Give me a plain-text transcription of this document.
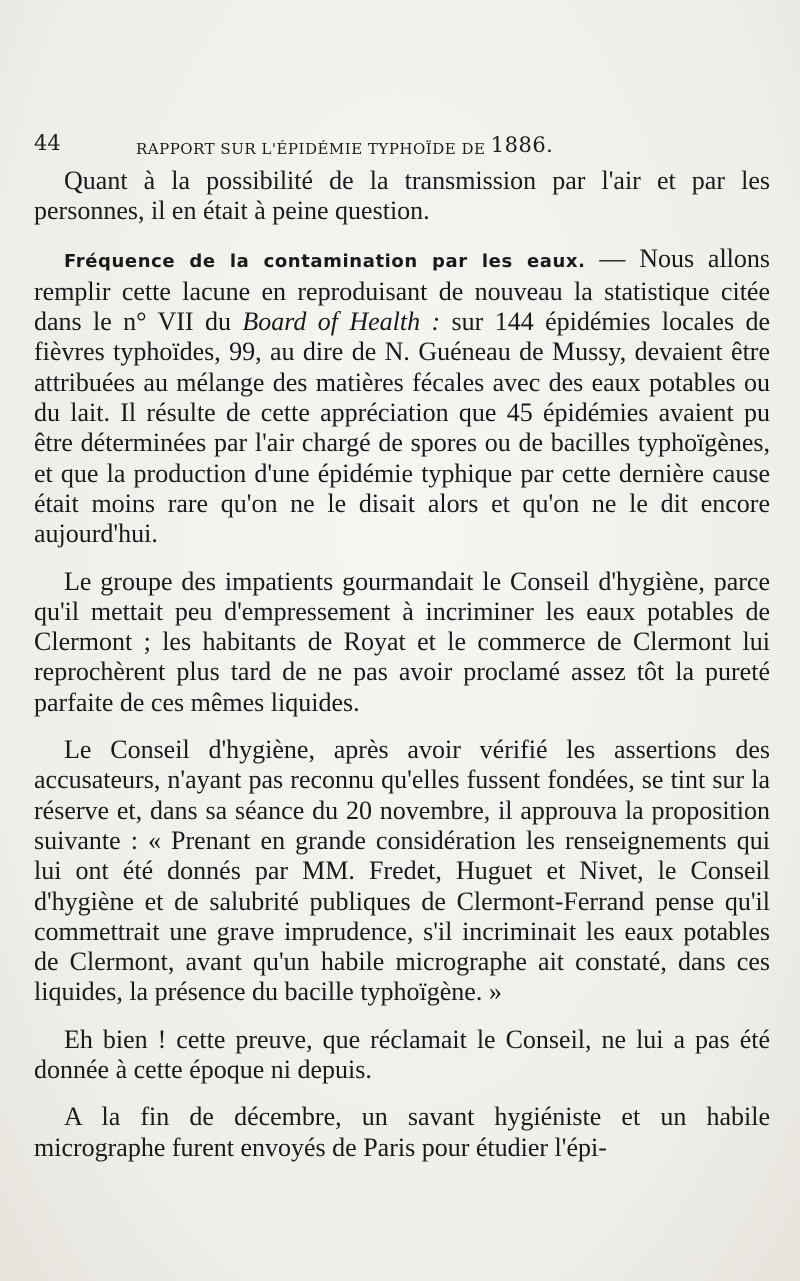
44	RAPPORT SUR L'ÉPIDÉMIE TYPHOÏDE DE 1886.

Quant à la possibilité de la transmission par l'air et par les personnes, il en était à peine question.

Fréquence de la contamination par les eaux. — Nous allons remplir cette lacune en reproduisant de nouveau la statistique citée dans le n° VII du Board of Health : sur 144 épidémies locales de fièvres typhoïdes, 99, au dire de N. Guéneau de Mussy, devaient être attribuées au mélange des matières fécales avec des eaux potables ou du lait. Il résulte de cette appréciation que 45 épidémies avaient pu être déterminées par l'air chargé de spores ou de bacilles typhoïgènes, et que la production d'une épidémie typhique par cette dernière cause était moins rare qu'on ne le disait alors et qu'on ne le dit encore aujourd'hui.

Le groupe des impatients gourmandait le Conseil d'hygiène, parce qu'il mettait peu d'empressement à incriminer les eaux potables de Clermont ; les habitants de Royat et le commerce de Clermont lui reprochèrent plus tard de ne pas avoir proclamé assez tôt la pureté parfaite de ces mêmes liquides.

Le Conseil d'hygiène, après avoir vérifié les assertions des accusateurs, n'ayant pas reconnu qu'elles fussent fondées, se tint sur la réserve et, dans sa séance du 20 novembre, il approuva la proposition suivante : « Prenant en grande considération les renseignements qui lui ont été donnés par MM. Fredet, Huguet et Nivet, le Conseil d'hygiène et de salubrité publiques de Clermont-Ferrand pense qu'il commettrait une grave imprudence, s'il incriminait les eaux potables de Clermont, avant qu'un habile micrographe ait constaté, dans ces liquides, la présence du bacille typhoïgène. »

Eh bien ! cette preuve, que réclamait le Conseil, ne lui a pas été donnée à cette époque ni depuis.

A la fin de décembre, un savant hygiéniste et un habile micrographe furent envoyés de Paris pour étudier l'épi-
